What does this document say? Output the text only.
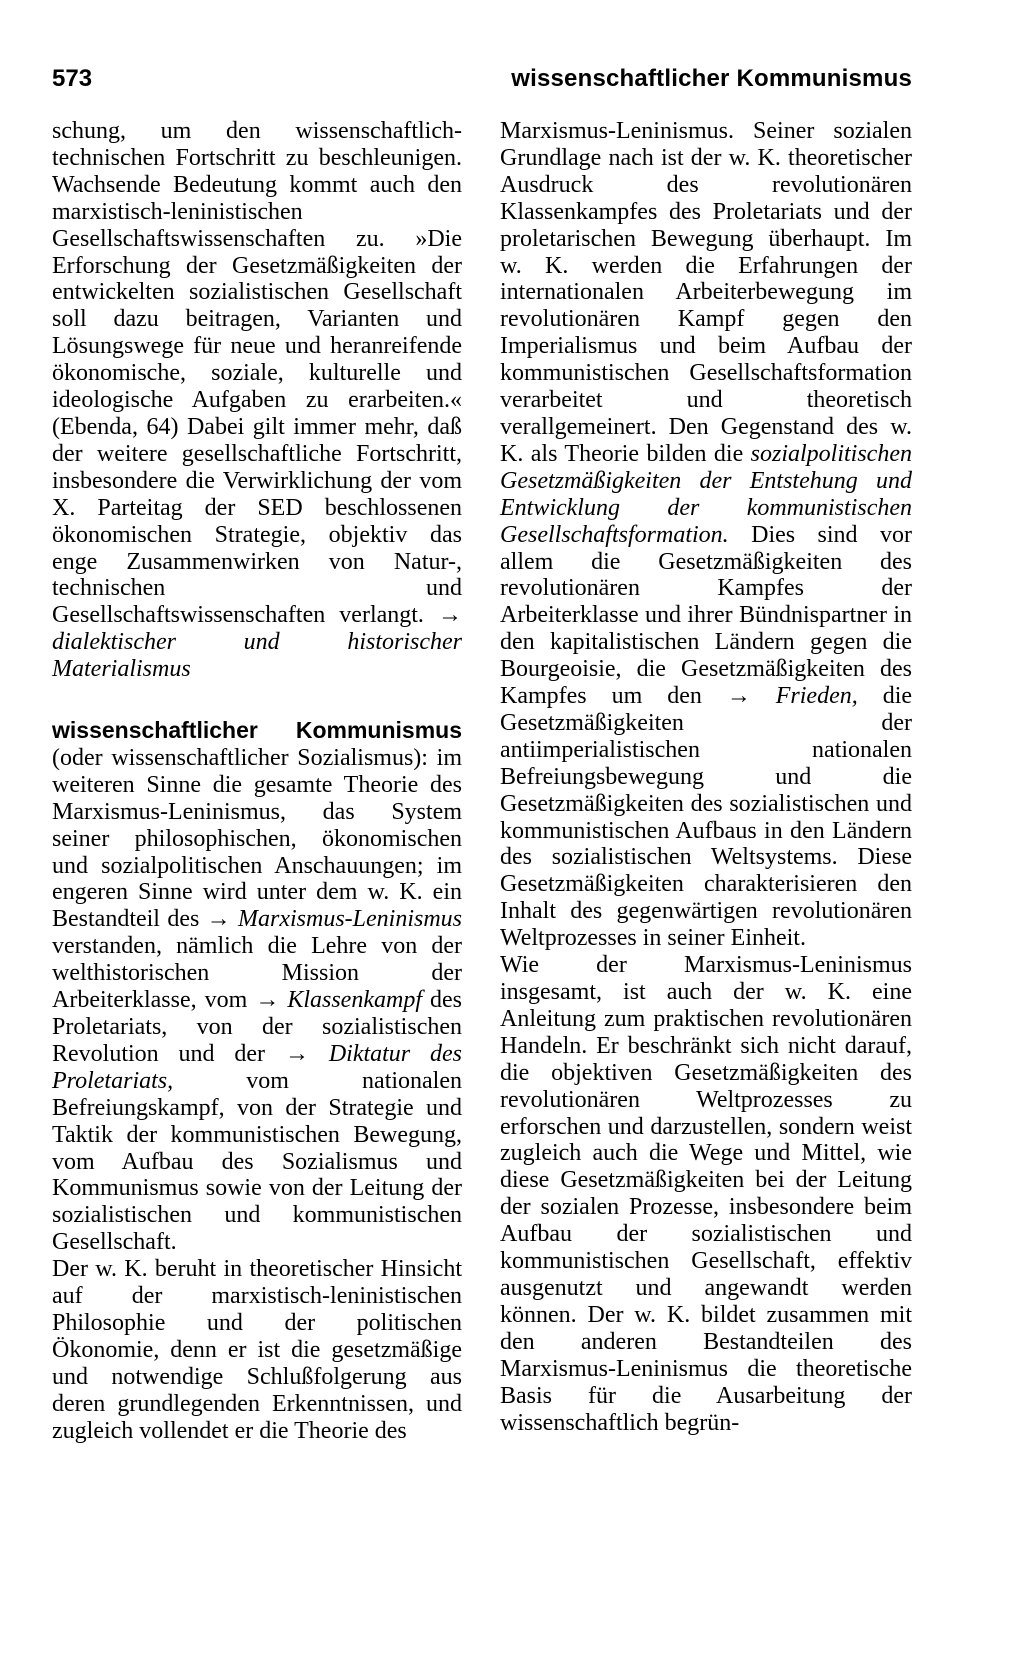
573	wissenschaftlicher Kommunismus

schung, um den wissenschaftlich-technischen Fortschritt zu beschleunigen. Wachsende Bedeutung kommt auch den marxistisch-leninistischen Gesellschaftswissenschaften zu. »Die Erforschung der Gesetzmäßigkeiten der entwickelten sozialistischen Gesellschaft soll dazu beitragen, Varianten und Lösungswege für neue und heranreifende ökonomische, soziale, kulturelle und ideologische Aufgaben zu erarbeiten.« (Ebenda, 64) Dabei gilt immer mehr, daß der weitere gesellschaftliche Fortschritt, insbesondere die Verwirklichung der vom X. Parteitag der SED beschlossenen ökonomischen Strategie, objektiv das enge Zusammenwirken von Natur-, technischen und Gesellschaftswissenschaften verlangt. → dialektischer und historischer Materialismus

wissenschaftlicher Kommunismus (oder wissenschaftlicher Sozialismus): im weiteren Sinne die gesamte Theorie des Marxismus-Leninismus, das System seiner philosophischen, ökonomischen und sozialpolitischen Anschauungen; im engeren Sinne wird unter dem w. K. ein Bestandteil des → Marxismus-Leninismus verstanden, nämlich die Lehre von der welthistorischen Mission der Arbeiterklasse, vom → Klassenkampf des Proletariats, von der sozialistischen Revolution und der → Diktatur des Proletariats,	vom nationalen Befreiungskampf, von der Strategie und Taktik der kommunistischen Bewegung, vom Aufbau des Sozialismus und Kommunismus sowie von der Leitung der sozialistischen und kommunistischen Gesellschaft.

Der w. K. beruht in theoretischer Hinsicht auf der marxistisch-leninistischen Philosophie und der politischen Ökonomie, denn er ist die gesetzmäßige und notwendige Schlußfolgerung aus deren grundlegenden Erkenntnissen, und zugleich vollendet er die Theorie des

Marxismus-Leninismus. Seiner sozialen Grundlage nach ist der w. K. theoretischer Ausdruck des revolutionären Klassenkampfes des Proletariats und der proletarischen Bewegung überhaupt. Im w. K. werden die Erfahrungen der internationalen Arbeiterbewegung im revolutionären Kampf gegen den Imperialismus und beim Aufbau der kommunistischen Gesellschaftsformation verarbeitet und theoretisch verallgemeinert. Den Gegenstand des w. K. als Theorie bilden die sozialpolitischen Gesetzmäßigkeiten der Entstehung und Entwicklung der kommunistischen Gesellschaftsformation. Dies sind vor allem die Gesetzmäßigkeiten des revolutionären Kampfes der Arbeiterklasse und ihrer Bündnispartner in den kapitalistischen Ländern gegen die Bourgeoisie, die Gesetzmäßigkeiten des Kampfes um den → Frieden, die Gesetzmäßigkeiten der antiimperialistischen nationalen Befreiungsbewegung und die Gesetzmäßigkeiten des sozialistischen und kommunistischen Aufbaus in den Ländern des sozialistischen Weltsystems. Diese Gesetzmäßigkeiten charakterisieren den Inhalt des gegenwärtigen revolutionären Weltprozesses in seiner Einheit.

Wie der Marxismus-Leninismus insgesamt, ist auch der w. K. eine Anleitung zum praktischen revolutionären Handeln. Er beschränkt sich nicht darauf, die objektiven Gesetzmäßigkeiten des revolutionären Weltprozesses zu erforschen und darzustellen, sondern weist zugleich auch die Wege und Mittel, wie diese Gesetzmäßigkeiten bei der Leitung der sozialen Prozesse, insbesondere beim Aufbau der sozialistischen und kommunistischen Gesellschaft, effektiv ausgenutzt und angewandt werden können. Der w. K. bildet zusammen mit den anderen Bestandteilen des Marxismus-Leninismus die theoretische Basis für die Ausarbeitung der wissenschaftlich begrün-
